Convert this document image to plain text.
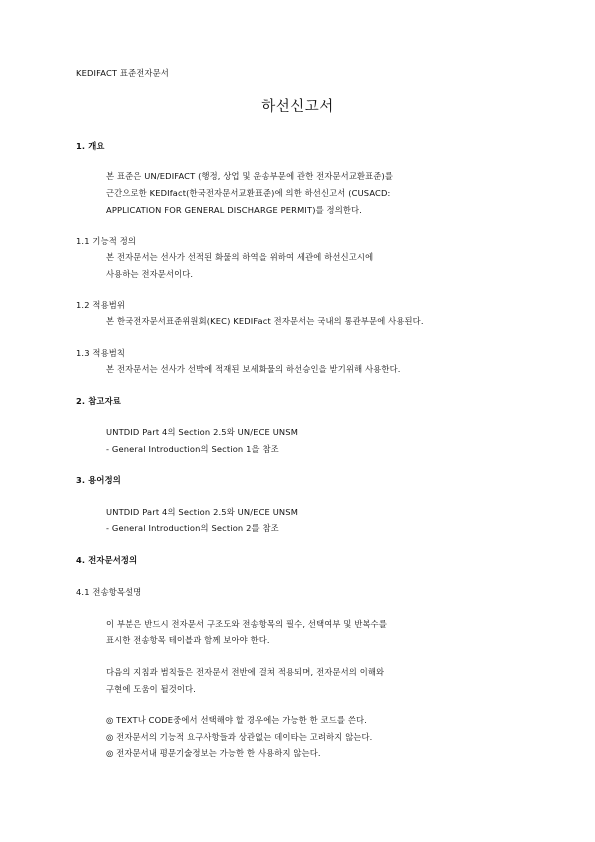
KEDIFACT 표준전자문서
하선신고서
1. 개요
본 표준은 UN/EDIFACT (행정, 상업 및 운송부문에 관한 전자문서교환표준)를
근간으로한 KEDIfact(한국전자문서교환표준)에 의한 하선신고서 (CUSACD:
APPLICATION FOR GENERAL DISCHARGE PERMIT)를 정의한다.
1.1 기능적 정의
본 전자문서는 선사가 선적된 화물의 하역을 위하여 세관에 하선신고시에
사용하는 전자문서이다.
1.2 적용범위
본 한국전자문서표준위원회(KEC) KEDIFact 전자문서는 국내의 통관부문에 사용된다.
1.3 적용범칙
본 전자문서는 선사가 선박에 적재된 보세화물의 하선승인을 받기위해 사용한다.
2. 참고자료
UNTDID Part 4의 Section 2.5와 UN/ECE UNSM
- General Introduction의 Section 1을 참조
3. 용어정의
UNTDID Part 4의 Section 2.5와 UN/ECE UNSM
- General Introduction의 Section 2를 참조
4. 전자문서정의
4.1 전송항목설명
이 부분은 반드시 전자문서 구조도와 전송항목의 필수, 선택여부 및 반복수를
표시한 전송항목 테이블과 함께 보아야 한다.
다음의 지침과 범칙들은 전자문서 전반에 걸쳐 적용되며, 전자문서의 이해와
구현에 도움이 될것이다.
◎ TEXT나 CODE중에서 선택해야 할 경우에는 가능한 한 코드를 쓴다.
◎ 전자문서의 기능적 요구사항들과 상관없는 데이타는 고려하지 않는다.
◎ 전자문서내 평문기술정보는 가능한 한 사용하지 않는다.
